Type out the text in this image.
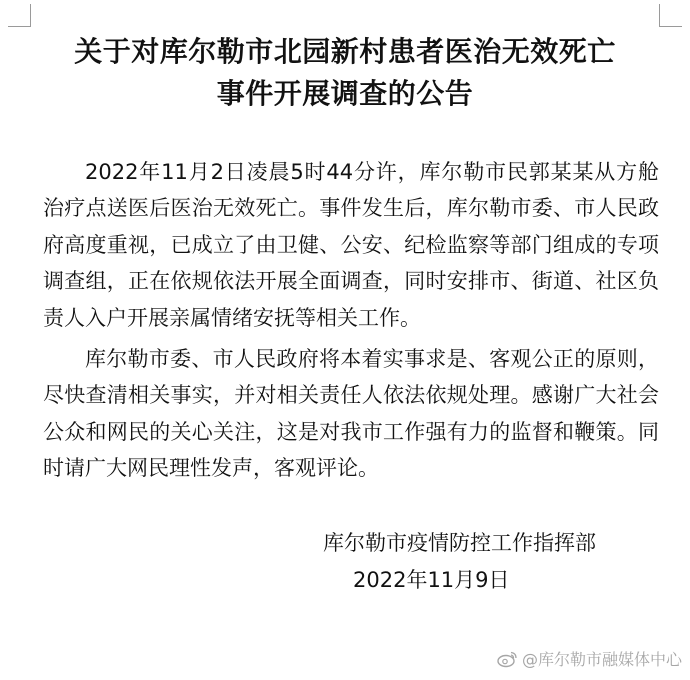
关于对库尔勒市北园新村患者医治无效死亡
事件开展调查的公告
2022年11月2日凌晨5时44分许，库尔勒市民郭某某从方舱治疗点送医后医治无效死亡。事件发生后，库尔勒市委、市人民政府高度重视，已成立了由卫健、公安、纪检监察等部门组成的专项调查组，正在依规依法开展全面调查，同时安排市、街道、社区负责人入户开展亲属情绪安抚等相关工作。
库尔勒市委、市人民政府将本着实事求是、客观公正的原则，尽快查清相关事实，并对相关责任人依法依规处理。感谢广大社会公众和网民的关心关注，这是对我市工作强有力的监督和鞭策。同时请广大网民理性发声，客观评论。
库尔勒市疫情防控工作指挥部
2022年11月9日
@库尔勒市融媒体中心
